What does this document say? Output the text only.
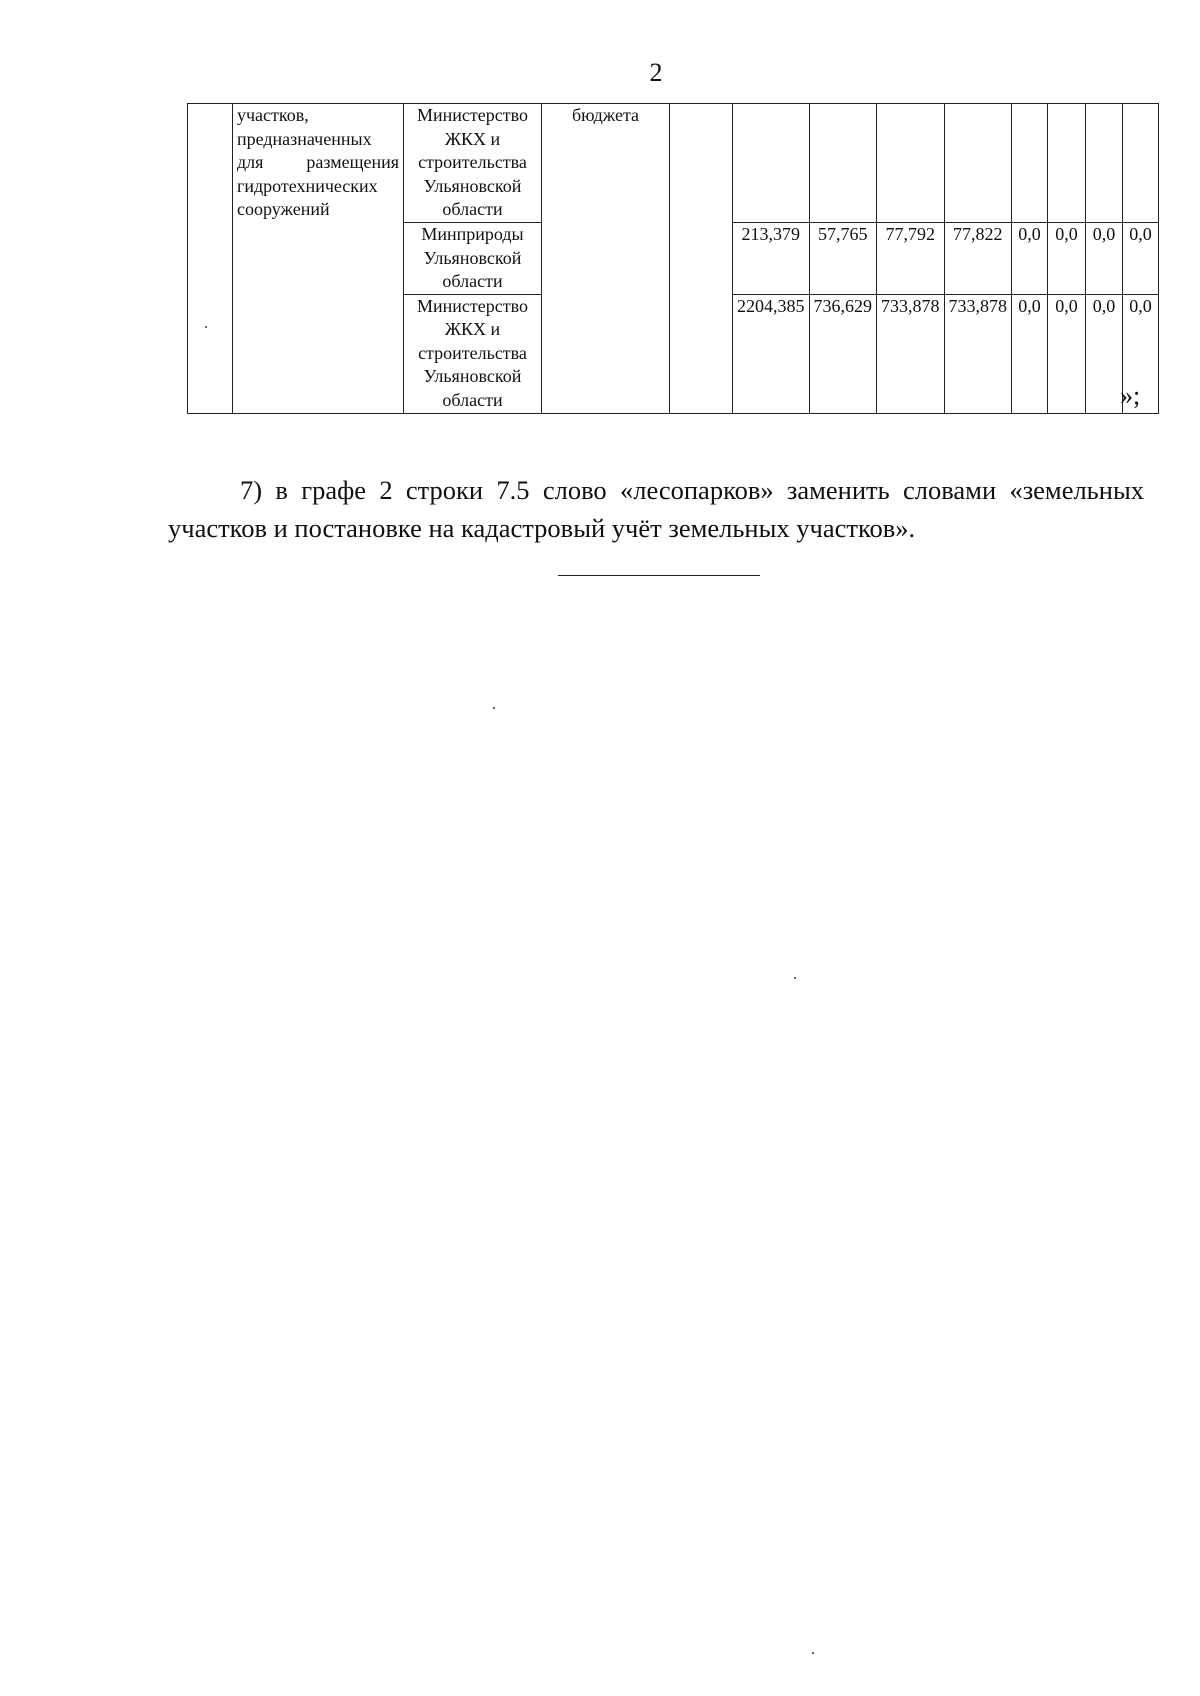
2
	участков, предназначенных для размещения гидротехнических сооружений	Министерство ЖКХ и строительства Ульяновской области	бюджета									
		Минприроды Ульяновской области			213,379	57,765	77,792	77,822	0,0	0,0	0,0	0,0
		Министерство ЖКХ и строительства Ульяновской области			2204,385	736,629	733,878	733,878	0,0	0,0	0,0	0,0
»;

7) в графе 2 строки 7.5 слово «лесопарков» заменить словами «земельных участков и постановке на кадастровый учёт земельных участков».
